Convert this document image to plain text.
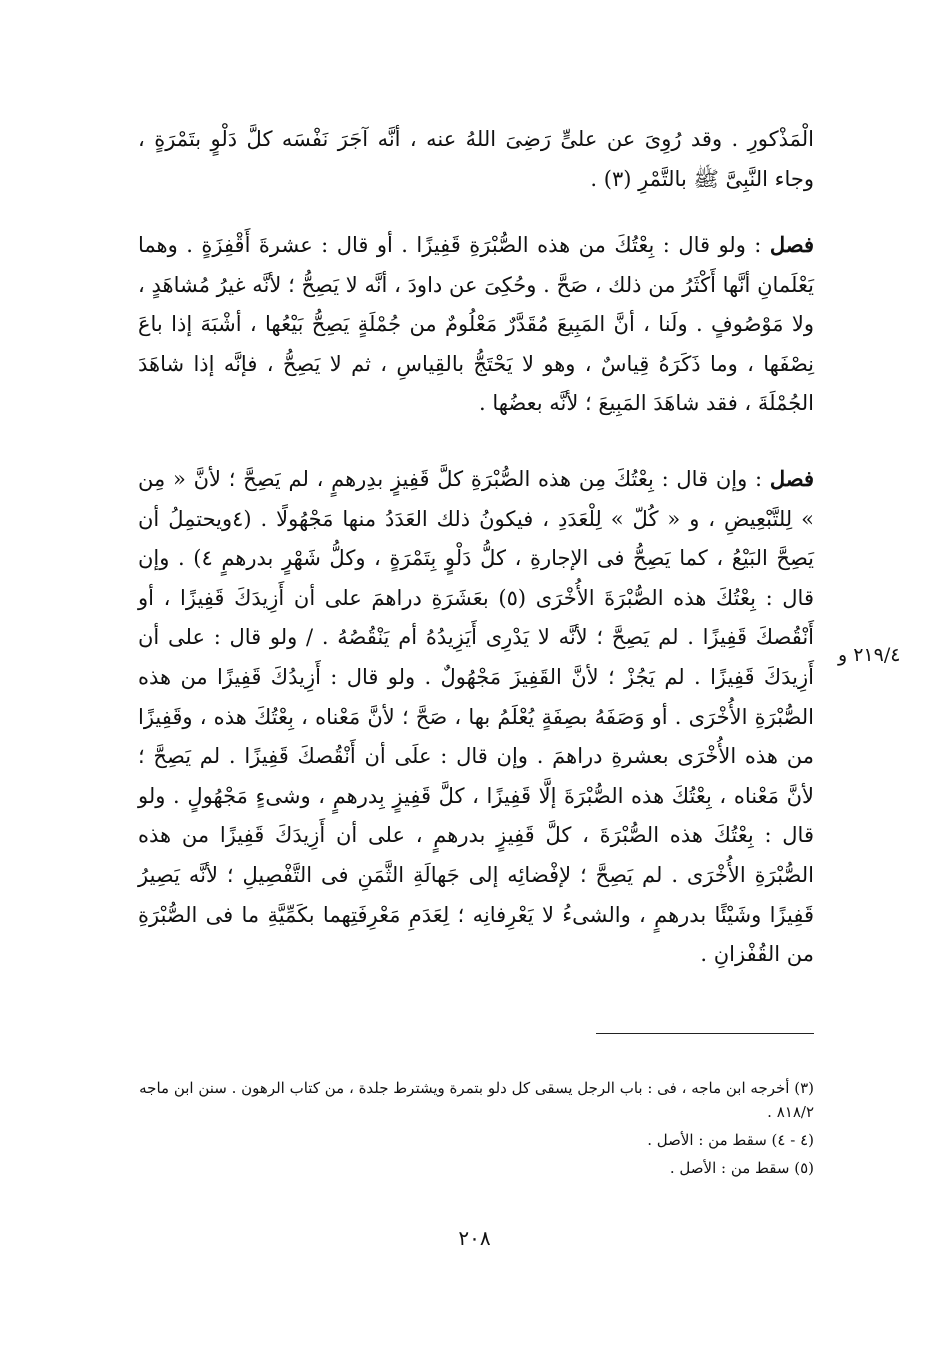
الْمَذْكورِ . وقد رُوِىَ عن علىٍّ رَضِىَ اللهُ عنه ، أنَّه آجَرَ نَفْسَه كلَّ دَلْوٍ بتَمْرَةٍ ، وجاء النَّبِىَّ ﷺ بالتَّمْرِ (٣) .
فصل : ولو قال : بِعْتُكَ من هذه الصُّبْرَةِ قَفِيزًا . أو قال : عشرةَ أَقْفِزَةٍ . وهما يَعْلَمانِ أنَّها أَكْثَرُ من ذلك ، صَحَّ . وحُكِىَ عن داودَ ، أنَّه لا يَصِحُّ ؛ لأنَّه غيرُ مُشاهَدٍ ، ولا مَوْصُوفٍ . ولَنا ، أنَّ المَبِيعَ مُقَدَّرٌ مَعْلُومٌ من جُمْلَةٍ يَصِحُّ بَيْعُها ، أشْبَهَ إذا باعَ نِصْفَها ، وما ذَكَرَهُ قِياسٌ ، وهو لا يَحْتَجُّ بالقِياسِ ، ثم لا يَصِحُّ ، فإنَّه إذا شاهَدَ الجُمْلَةَ ، فقد شاهَدَ المَبِيعَ ؛ لأنَّه بعضُها .
فصل : وإن قال : بِعْتُكَ مِن هذه الصُّبْرَةِ كلَّ قَفِيزٍ بدِرهمٍ ، لم يَصِحَّ ؛ لأنَّ « مِن » لِلتَّبْعِيضِ ، و « كُلّ » لِلْعَدَدِ ، فيكونُ ذلك العَدَدُ منها مَجْهُولًا . (٤ويحتمِلُ أن يَصِحَّ البَيْعُ ، كما يَصِحُّ فى الإجارةِ ، كلُّ دَلْوٍ بِتَمْرَةٍ ، وكلُّ شَهْرٍ بدرهمٍ ٤) . وإن قال : بِعْتُكَ هذه الصُّبْرَةَ الأُخْرَى (٥) بعَشَرَةِ دراهمَ على أن أَزِيدَكَ قَفِيزًا ، أو أَنْقُصكَ قَفِيزًا . لم يَصِحَّ ؛ لأنَّه لا يَدْرِى أَيَزِيدُهُ أم يَنْقُصُهُ . / ولو قال : على أن أَزِيدَكَ قَفِيزًا . لم يَجُزْ ؛ لأنَّ القَفِيزَ مَجْهُولٌ . ولو قال : أَزِيدُكَ قَفِيزًا من هذه الصُّبْرَةِ الأُخْرَى . أو وَصَفَهُ بصِفَةٍ يُعْلَمُ بها ، صَحَّ ؛ لأنَّ مَعْناه ، بِعْتُكَ هذه ، وقَفِيزًا من هذه الأُخْرَى بعشرةِ دراهمَ . وإن قال : علَى أن أَنْقُصكَ قَفِيزًا . لم يَصِحَّ ؛ لأنَّ مَعْناه ، بِعْتُكَ هذه الصُّبْرَةَ إلَّا قَفِيزًا ، كلَّ قَفِيزٍ بِدرهمٍ ، وشىءٍ مَجْهُولٍ . ولو قال : بِعْتُكَ هذه الصُّبْرَةَ ، كلَّ قَفِيزٍ بدرهمٍ ، على أن أَزِيدَكَ قَفِيزًا من هذه الصُّبْرَةِ الأُخْرَى . لم يَصِحَّ ؛ لإفْضائِه إلى جَهالَةِ الثَّمَنِ فى التَّفْصِيلِ ؛ لأنَّه يَصِيرُ قَفِيزًا وشَيْئًا بدرهمٍ ، والشىءُ لا يَعْرِفانِه ؛ لِعَدَمِ مَعْرِفَتِهما بكَمِّيَّةِ ما فى الصُّبْرَةِ من القُفْزانِ .
٢١٩/٤ و
(٣) أخرجه ابن ماجه ، فى : باب الرجل يسقى كل دلو بتمرة ويشترط جلدة ، من كتاب الرهون . سنن ابن ماجه ٨١٨/٢ .
(٤ - ٤) سقط من : الأصل .
(٥) سقط من : الأصل .
٢٠٨
